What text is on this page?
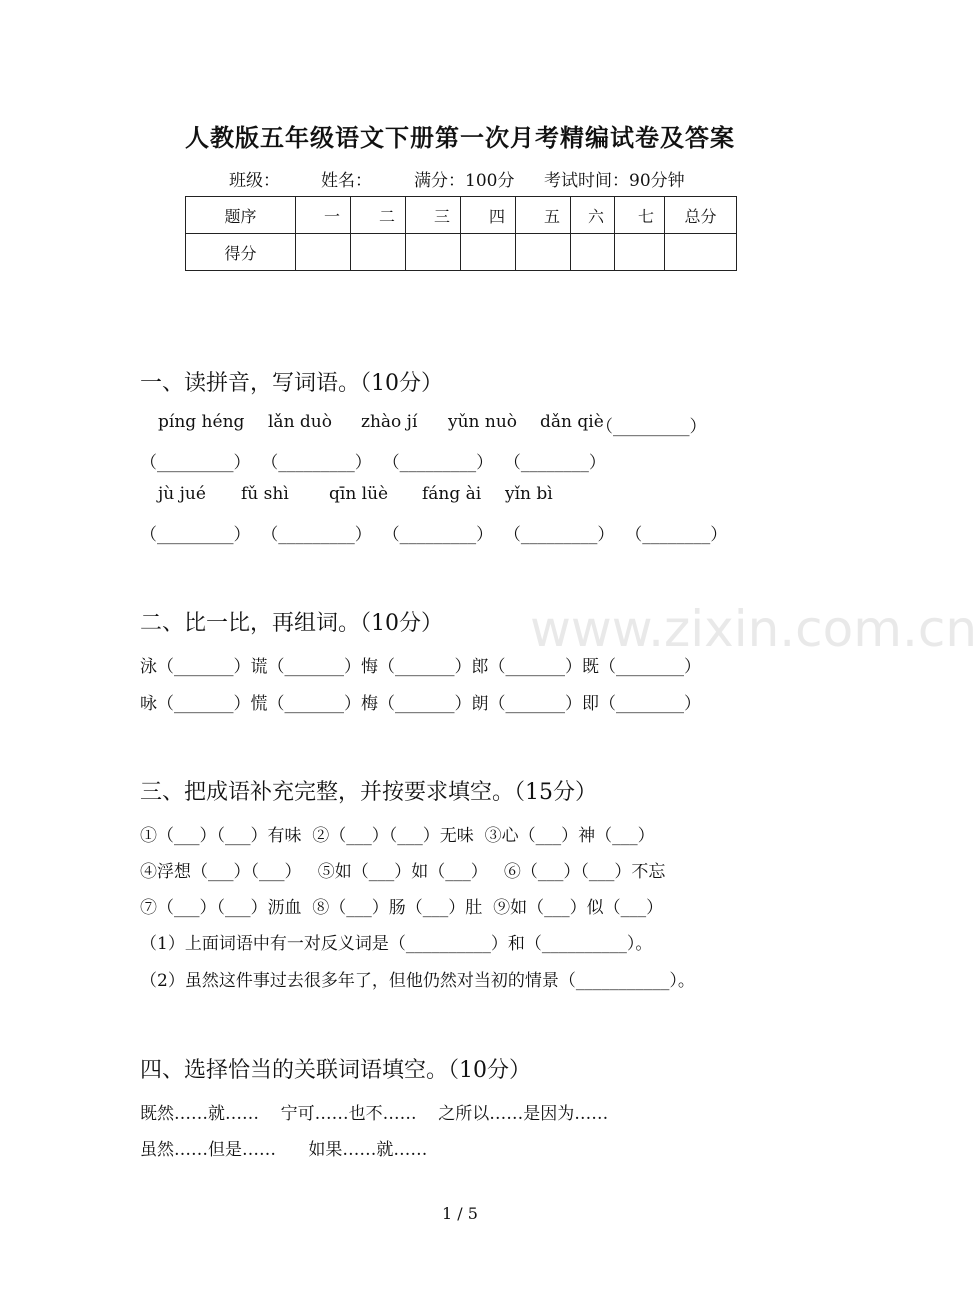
人教版五年级语文下册第一次月考精编试卷及答案
班级： 姓名： 满分：100分 考试时间：90分钟
题序	一	二	三	四	五	六	七	总分
得分								
www.zixin.com.cn
一、读拼音，写词语。（10分）
píng héng lǎn duò zhào jí yǔn nuò dǎn qiè
（_________）
（_________）  （_________）  （_________）  （________）
jù jué fǔ shì qīn lüè fáng ài yǐn bì
（_________）  （_________）  （_________）  （_________）  （________）
二、比一比，再组词。（10分）
泳（_______）谎（_______）悔（_______）郎（_______）既（________）
咏（_______）慌（_______）梅（_______）朗（_______）即（________）
三、把成语补充完整，并按要求填空。（15分）
①（___）（___）有味  ②（___）（___）无味  ③心（___）神（___）
④浮想（___）（___）   ⑤如（___）如（___）   ⑥（___）（___）不忘
⑦（___）（___）沥血  ⑧（___）肠（___）肚  ⑨如（___）似（___）
（1）上面词语中有一对反义词是（__________）和（__________）。
（2）虽然这件事过去很多年了，但他仍然对当初的情景（___________）。
四、选择恰当的关联词语填空。（10分）
既然……就……    宁可……也不……    之所以……是因为……
虽然……但是……      如果……就……
1 / 5
